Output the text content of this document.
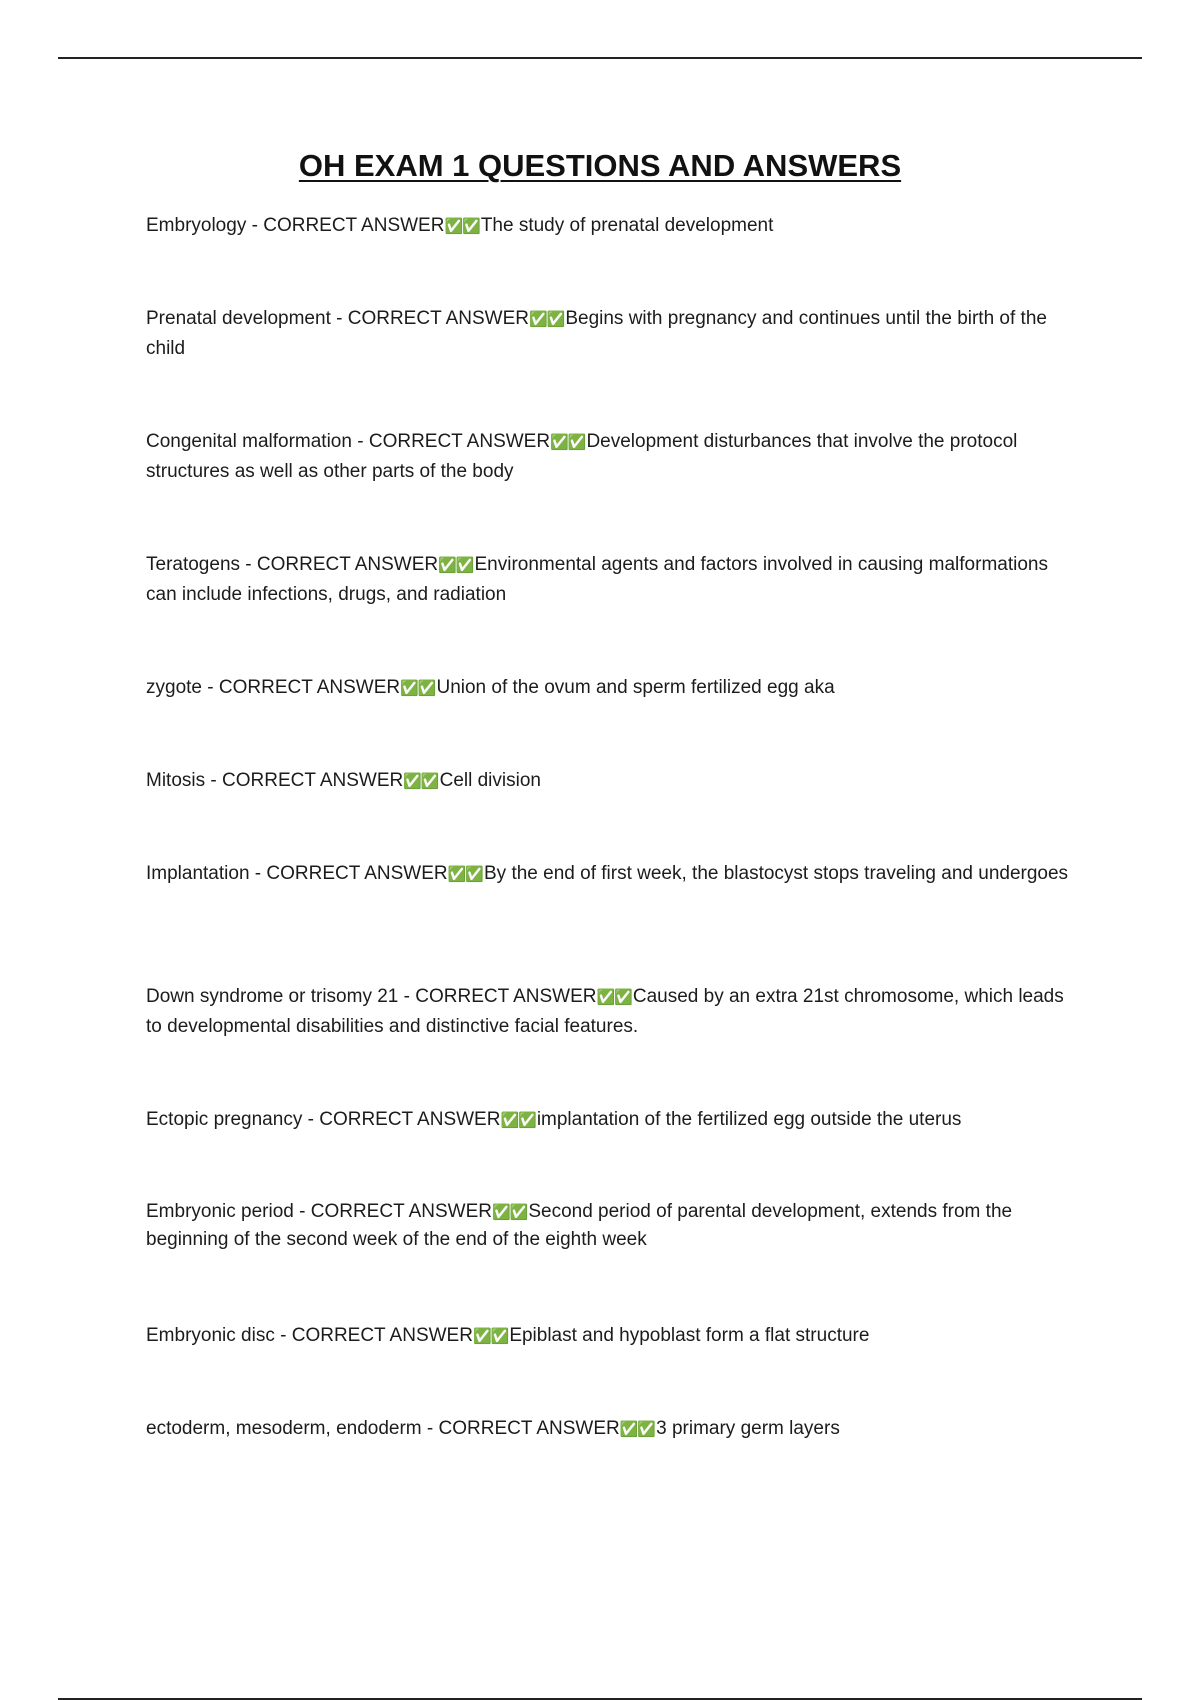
OH EXAM 1 QUESTIONS AND ANSWERS
Embryology - CORRECT ANSWER✅✅The study of prenatal development
Prenatal development - CORRECT ANSWER✅✅Begins with pregnancy and continues until the birth of the child
Congenital malformation - CORRECT ANSWER✅✅Development disturbances that involve the protocol structures as well as other parts of the body
Teratogens - CORRECT ANSWER✅✅Environmental agents and factors involved in causing malformations can include infections, drugs, and radiation
zygote - CORRECT ANSWER✅✅Union of the ovum and sperm fertilized egg aka
Mitosis - CORRECT ANSWER✅✅Cell division
Implantation - CORRECT ANSWER✅✅By the end of first week, the blastocyst stops traveling and undergoes
Down syndrome or trisomy 21 - CORRECT ANSWER✅✅Caused by an extra 21st chromosome, which leads to developmental disabilities and distinctive facial features.
Ectopic pregnancy - CORRECT ANSWER✅✅implantation of the fertilized egg outside the uterus
Embryonic period - CORRECT ANSWER✅✅Second period of parental development, extends from the beginning of the second week of the end of the eighth week
Embryonic disc - CORRECT ANSWER✅✅Epiblast and hypoblast form a flat structure
ectoderm, mesoderm, endoderm - CORRECT ANSWER✅✅3 primary germ layers
